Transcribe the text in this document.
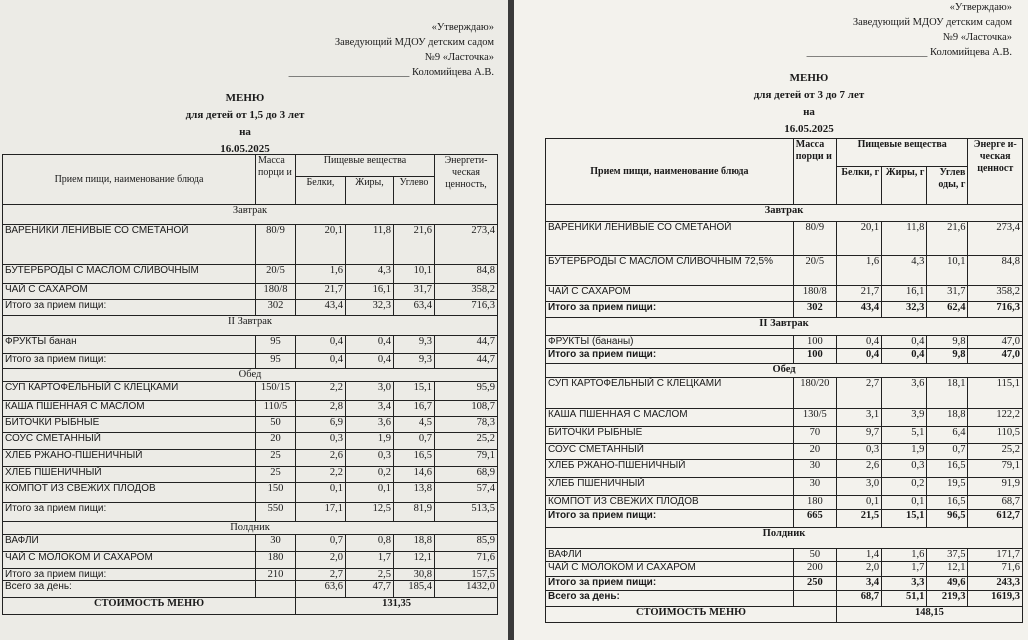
«Утверждаю»
Заведующий МДОУ детским садом
№9 «Ласточка»
_______________________ Коломийцева А.В.
МЕНЮ
для детей от 1,5 до 3 лет
на
16.05.2025
Прием пищи, наименование блюда	Масса порци и	Пищевые вещества			Энергети- ческая ценность,
		Белки,	Жиры,	Углево	
Завтрак					
ВАРЕНИКИ ЛЕНИВЫЕ СО СМЕТАНОЙ	80/9	20,1	11,8	21,6	273,4
БУТЕРБРОДЫ С МАСЛОМ СЛИВОЧНЫМ	20/5	1,6	4,3	10,1	84,8
ЧАЙ С САХАРОМ	180/8	21,7	16,1	31,7	358,2
Итого за прием пищи:	302	43,4	32,3	63,4	716,3
II Завтрак					
ФРУКТЫ банан	95	0,4	0,4	9,3	44,7
Итого за прием пищи:	95	0,4	0,4	9,3	44,7
Обед					
СУП КАРТОФЕЛЬНЫЙ С КЛЕЦКАМИ	150/15	2,2	3,0	15,1	95,9
КАША ПШЕННАЯ С МАСЛОМ	110/5	2,8	3,4	16,7	108,7
БИТОЧКИ РЫБНЫЕ	50	6,9	3,6	4,5	78,3
СОУС СМЕТАННЫЙ	20	0,3	1,9	0,7	25,2
ХЛЕБ РЖАНО-ПШЕНИЧНЫЙ	25	2,6	0,3	16,5	79,1
ХЛЕБ ПШЕНИЧНЫЙ	25	2,2	0,2	14,6	68,9
КОМПОТ ИЗ СВЕЖИХ ПЛОДОВ	150	0,1	0,1	13,8	57,4
Итого за прием пищи:	550	17,1	12,5	81,9	513,5
Полдник					
ВАФЛИ	30	0,7	0,8	18,8	85,9
ЧАЙ С МОЛОКОМ И САХАРОМ	180	2,0	1,7	12,1	71,6
Итого за прием пищи:	210	2,7	2,5	30,8	157,5
Всего за день:		63,6	47,7	185,4	1432,0
СТОИМОСТЬ МЕНЮ		131,35			
«Утверждаю»
Заведующий МДОУ детским садом
№9 «Ласточка»
_______________________ Коломийцева А.В.
МЕНЮ
для детей от 3 до 7 лет
на
16.05.2025
Прием пищи, наименование блюда	Масса порци и	Пищевые вещества			Энерге и- ческая ценност
		Белки, г	Жиры, г	Углев оды, г	
Завтрак					
ВАРЕНИКИ ЛЕНИВЫЕ СО СМЕТАНОЙ	80/9	20,1	11,8	21,6	273,4
БУТЕРБРОДЫ С МАСЛОМ СЛИВОЧНЫМ 72,5%	20/5	1,6	4,3	10,1	84,8
ЧАЙ С САХАРОМ	180/8	21,7	16,1	31,7	358,2
Итого за прием пищи:	302	43,4	32,3	62,4	716,3
II Завтрак					
ФРУКТЫ (бананы)	100	0,4	0,4	9,8	47,0
Итого за прием пищи:	100	0,4	0,4	9,8	47,0
Обед					
СУП КАРТОФЕЛЬНЫЙ С КЛЕЦКАМИ	180/20	2,7	3,6	18,1	115,1
КАША ПШЕННАЯ С МАСЛОМ	130/5	3,1	3,9	18,8	122,2
БИТОЧКИ РЫБНЫЕ	70	9,7	5,1	6,4	110,5
СОУС СМЕТАННЫЙ	20	0,3	1,9	0,7	25,2
ХЛЕБ РЖАНО-ПШЕНИЧНЫЙ	30	2,6	0,3	16,5	79,1
ХЛЕБ ПШЕНИЧНЫЙ	30	3,0	0,2	19,5	91,9
КОМПОТ ИЗ СВЕЖИХ ПЛОДОВ	180	0,1	0,1	16,5	68,7
Итого за прием пищи:	665	21,5	15,1	96,5	612,7
Полдник					
ВАФЛИ	50	1,4	1,6	37,5	171,7
ЧАЙ С МОЛОКОМ И САХАРОМ	200	2,0	1,7	12,1	71,6
Итого за прием пищи:	250	3,4	3,3	49,6	243,3
Всего за день:		68,7	51,1	219,3	1619,3
СТОИМОСТЬ МЕНЮ		148,15			
